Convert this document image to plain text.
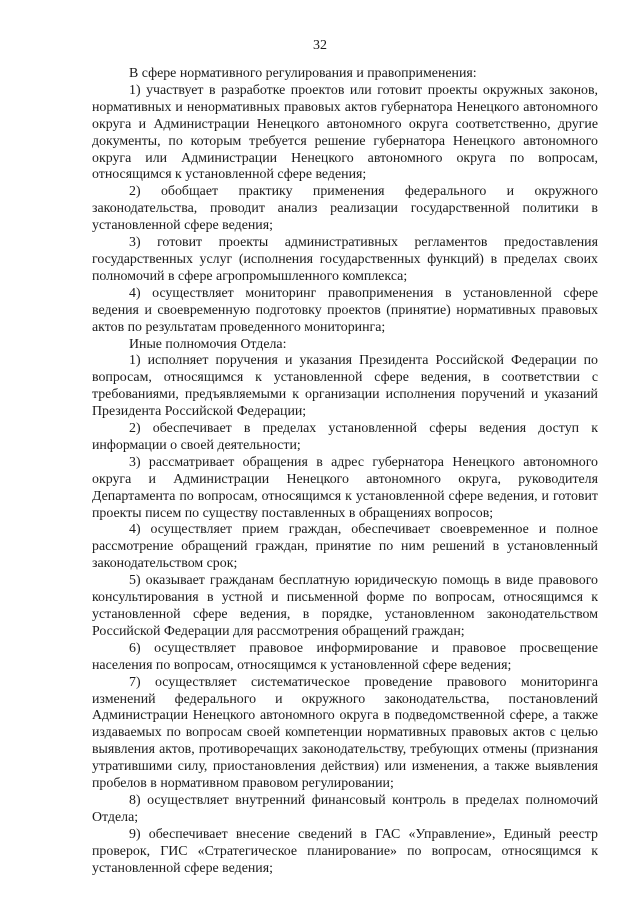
32

В сфере нормативного регулирования и правоприменения:

1) участвует в разработке проектов или готовит проекты окружных законов, нормативных и ненормативных правовых актов губернатора Ненецкого автономного округа и Администрации Ненецкого автономного округа соответственно, другие документы, по которым требуется решение губернатора Ненецкого автономного округа или Администрации Ненецкого автономного округа по вопросам, относящимся к установленной сфере ведения;

2) обобщает практику применения федерального и окружного законодательства, проводит анализ реализации государственной политики в установленной сфере ведения;

3) готовит проекты административных регламентов предоставления государственных услуг (исполнения государственных функций) в пределах своих полномочий в сфере агропромышленного комплекса;

4) осуществляет мониторинг правоприменения в установленной сфере ведения и своевременную подготовку проектов (принятие) нормативных правовых актов по результатам проведенного мониторинга;

Иные полномочия Отдела:

1) исполняет поручения и указания Президента Российской Федерации по вопросам, относящимся к установленной сфере ведения, в соответствии с требованиями, предъявляемыми к организации исполнения поручений и указаний Президента Российской Федерации;

2) обеспечивает в пределах установленной сферы ведения доступ к информации о своей деятельности;

3) рассматривает обращения в адрес губернатора Ненецкого автономного округа и Администрации Ненецкого автономного округа, руководителя Департамента по вопросам, относящимся к установленной сфере ведения, и готовит проекты писем по существу поставленных в обращениях вопросов;

4) осуществляет прием граждан, обеспечивает своевременное и полное рассмотрение обращений граждан, принятие по ним решений в установленный законодательством срок;

5) оказывает гражданам бесплатную юридическую помощь в виде правового консультирования в устной и письменной форме по вопросам, относящимся к установленной сфере ведения, в порядке, установленном законодательством Российской Федерации для рассмотрения обращений граждан;

6) осуществляет правовое информирование и правовое просвещение населения по вопросам, относящимся к установленной сфере ведения;

7) осуществляет систематическое проведение правового мониторинга изменений федерального и окружного законодательства, постановлений Администрации Ненецкого автономного округа в подведомственной сфере, а также издаваемых по вопросам своей компетенции нормативных правовых актов с целью выявления актов, противоречащих законодательству, требующих отмены (признания утратившими силу, приостановления действия) или изменения, а также выявления пробелов в нормативном правовом регулировании;

8) осуществляет внутренний финансовый контроль в пределах полномочий Отдела;

9) обеспечивает внесение сведений в ГАС «Управление», Единый реестр проверок, ГИС «Стратегическое планирование» по вопросам, относящимся к установленной сфере ведения;
